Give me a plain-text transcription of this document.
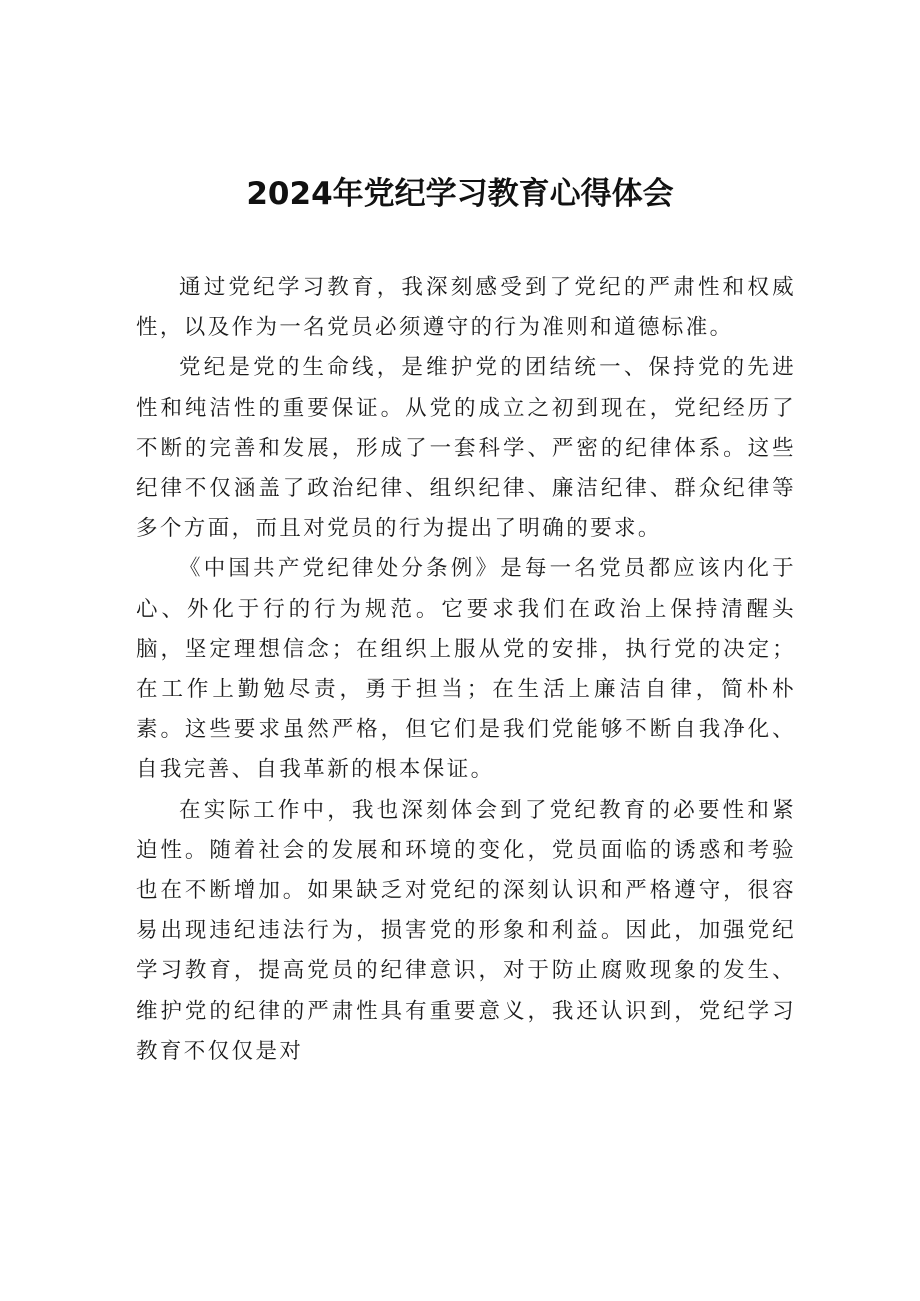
2024年党纪学习教育心得体会

通过党纪学习教育，我深刻感受到了党纪的严肃性和权威性，以及作为一名党员必须遵守的行为准则和道德标准。

党纪是党的生命线，是维护党的团结统一、保持党的先进性和纯洁性的重要保证。从党的成立之初到现在，党纪经历了不断的完善和发展，形成了一套科学、严密的纪律体系。这些纪律不仅涵盖了政治纪律、组织纪律、廉洁纪律、群众纪律等多个方面，而且对党员的行为提出了明确的要求。

《中国共产党纪律处分条例》是每一名党员都应该内化于心、外化于行的行为规范。它要求我们在政治上保持清醒头脑，坚定理想信念；在组织上服从党的安排，执行党的决定；在工作上勤勉尽责，勇于担当；在生活上廉洁自律，简朴朴素。这些要求虽然严格，但它们是我们党能够不断自我净化、自我完善、自我革新的根本保证。

在实际工作中，我也深刻体会到了党纪教育的必要性和紧迫性。随着社会的发展和环境的变化，党员面临的诱惑和考验也在不断增加。如果缺乏对党纪的深刻认识和严格遵守，很容易出现违纪违法行为，损害党的形象和利益。因此，加强党纪学习教育，提高党员的纪律意识，对于防止腐败现象的发生、维护党的纪律的严肃性具有重要意义，我还认识到，党纪学习教育不仅仅是对
